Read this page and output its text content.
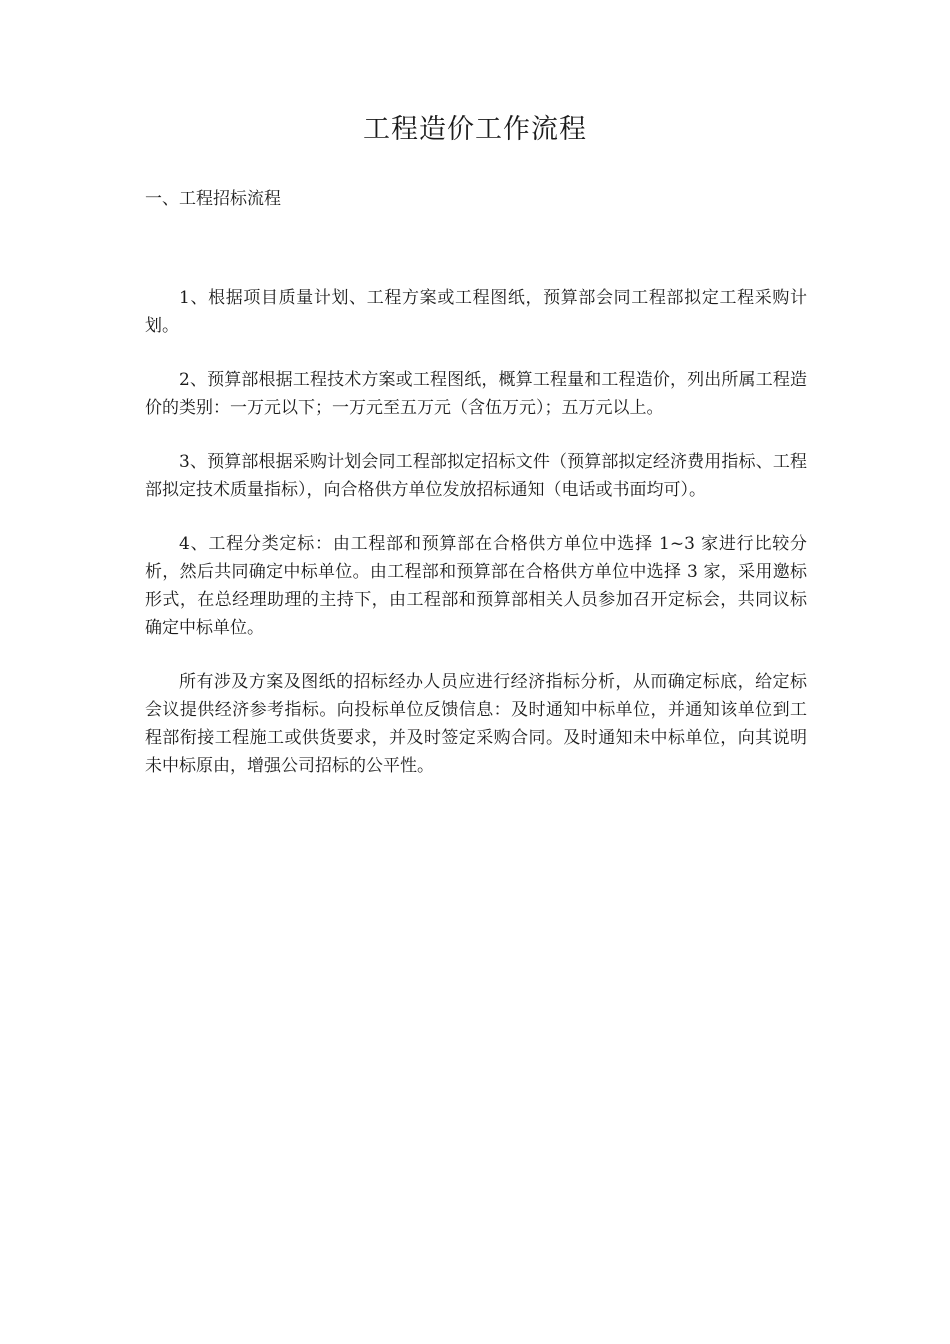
工程造价工作流程
一、工程招标流程

1、根据项目质量计划、工程方案或工程图纸，预算部会同工程部拟定工程采购计划。

2、预算部根据工程技术方案或工程图纸，概算工程量和工程造价，列出所属工程造价的类别：一万元以下；一万元至五万元（含伍万元）；五万元以上。

3、预算部根据采购计划会同工程部拟定招标文件（预算部拟定经济费用指标、工程部拟定技术质量指标），向合格供方单位发放招标通知（电话或书面均可）。

4、工程分类定标：由工程部和预算部在合格供方单位中选择 1~3 家进行比较分析，然后共同确定中标单位。由工程部和预算部在合格供方单位中选择 3 家，采用邀标形式，在总经理助理的主持下，由工程部和预算部相关人员参加召开定标会，共同议标确定中标单位。

所有涉及方案及图纸的招标经办人员应进行经济指标分析，从而确定标底，给定标会议提供经济参考指标。向投标单位反馈信息：及时通知中标单位，并通知该单位到工程部衔接工程施工或供货要求，并及时签定采购合同。及时通知未中标单位，向其说明未中标原由，增强公司招标的公平性。
